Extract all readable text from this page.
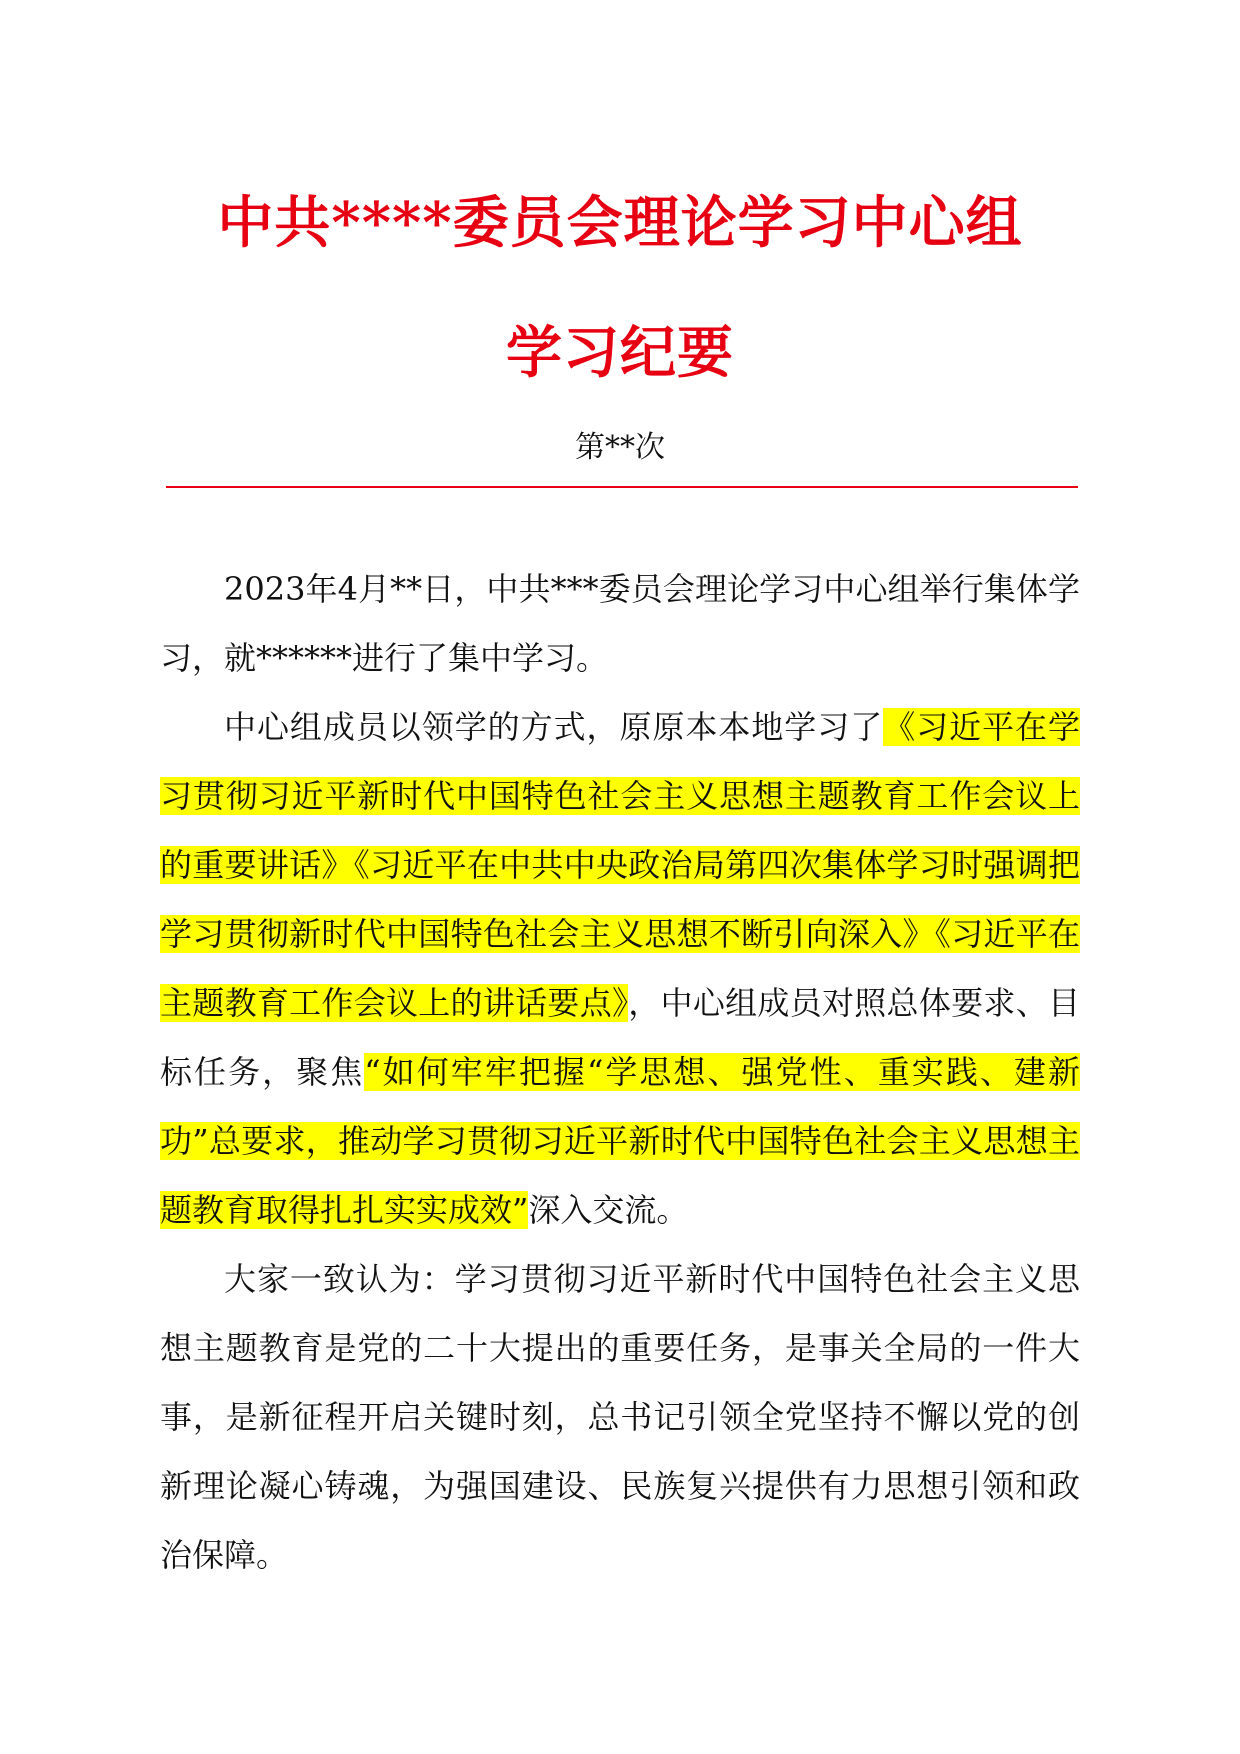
中共****委员会理论学习中心组
学习纪要
第**次

2023年4月**日，中共***委员会理论学习中心组举行集体学习，就******进行了集中学习。

中心组成员以领学的方式，原原本本地学习了《习近平在学习贯彻习近平新时代中国特色社会主义思想主题教育工作会议上的重要讲话》《习近平在中共中央政治局第四次集体学习时强调把学习贯彻新时代中国特色社会主义思想不断引向深入》《习近平在主题教育工作会议上的讲话要点》，中心组成员对照总体要求、目标任务，聚焦“如何牢牢把握“学思想、强党性、重实践、建新功”总要求，推动学习贯彻习近平新时代中国特色社会主义思想主题教育取得扎扎实实成效”深入交流。

大家一致认为：学习贯彻习近平新时代中国特色社会主义思想主题教育是党的二十大提出的重要任务，是事关全局的一件大事，是新征程开启关键时刻，总书记引领全党坚持不懈以党的创新理论凝心铸魂，为强国建设、民族复兴提供有力思想引领和政治保障。
